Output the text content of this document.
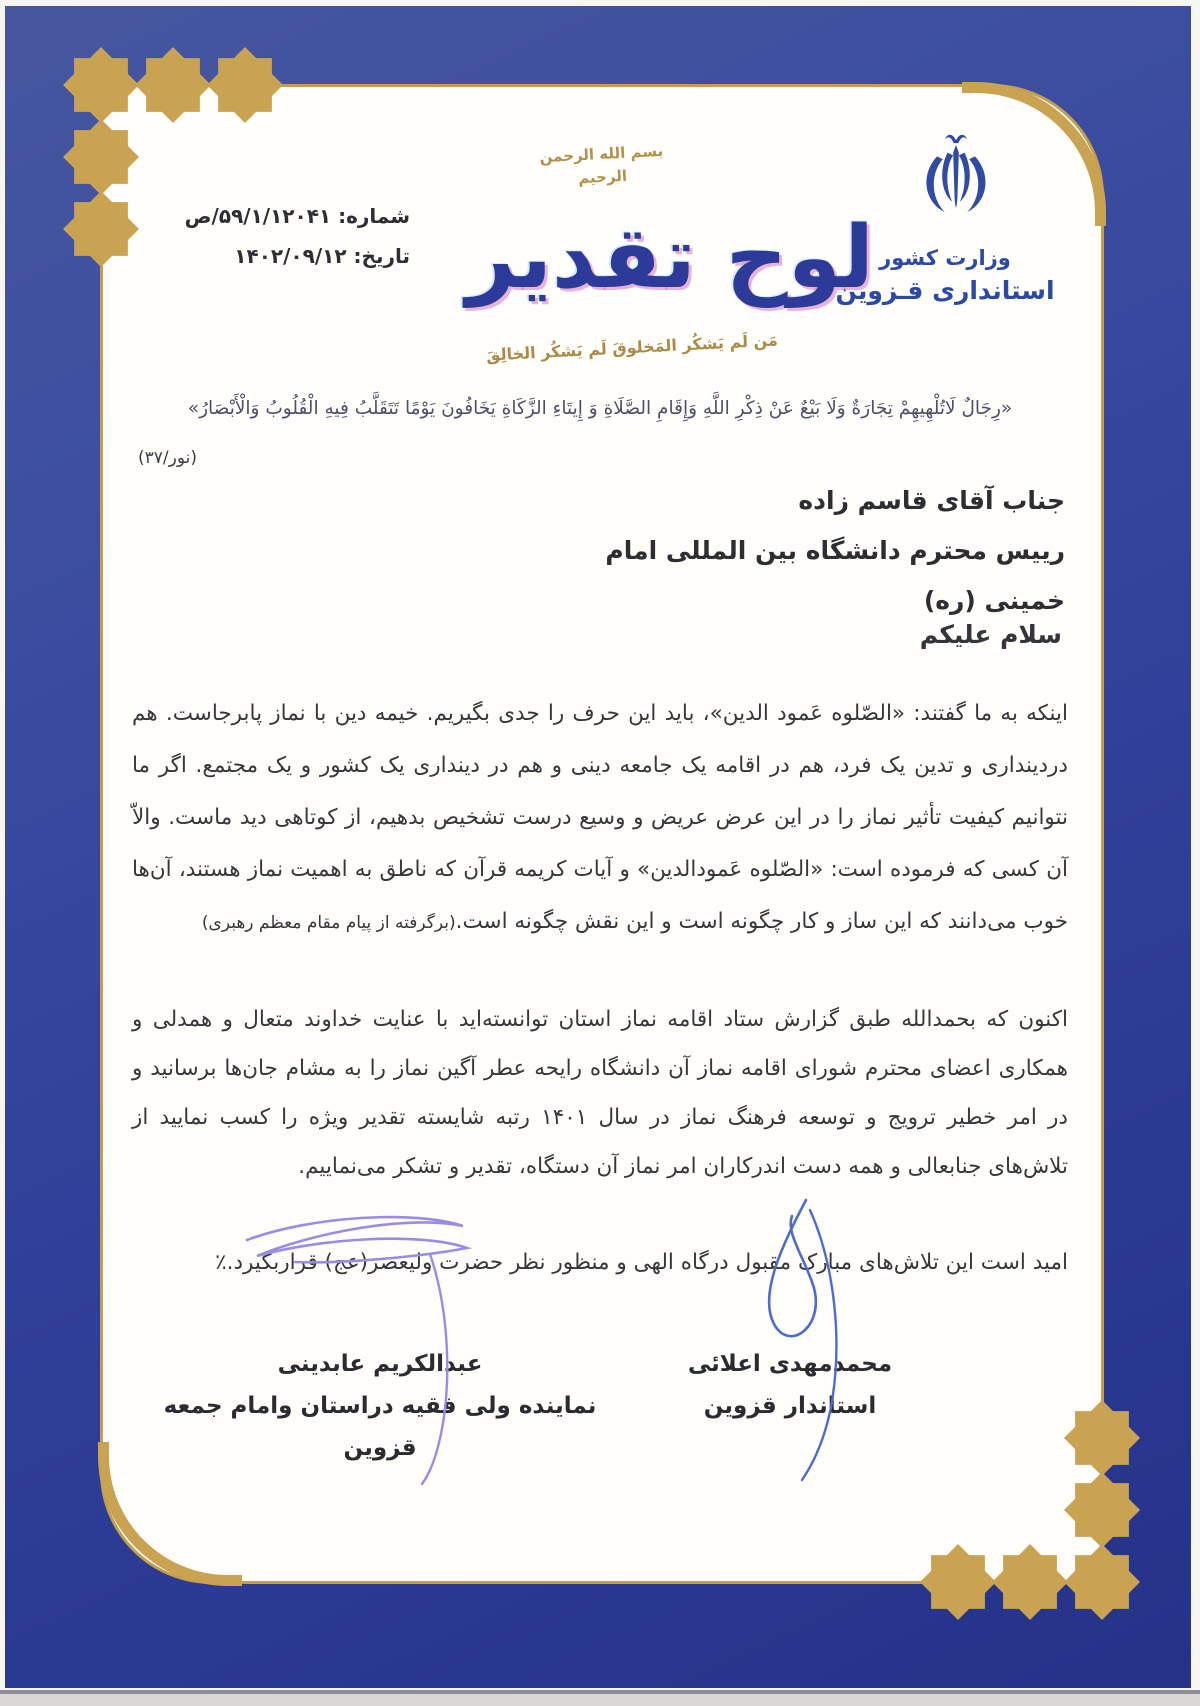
شماره: ۵۹/۱/۱۲۰۴۱/ص
تاریخ: ۱۴۰۲/۰۹/۱۲	وزارت کشور
استانداری قـزوین
بسم الله الرحمن الرحیم
لوح تقدیر
مَن لَم یَشکُر المَخلوقَ لَم یَشکُر الخالِقَ
«رِجَالٌ لَاتُلْهِیهِمْ تِجَارَةٌ وَلَا بَیْعٌ عَنْ ذِکْرِ اللَّهِ وَإِقَامِ الصَّلَاةِ وَ إِیتَاءِ الزَّکَاةِ یَخَافُونَ یَوْمًا تَتَقَلَّبُ فِیهِ الْقُلُوبُ وَالْأَبْصَارُ»
(نور/۳۷)
جناب آقای قاسم زاده
رییس محترم دانشگاه بین المللی امام خمینی (ره)
سلام علیکم

اینکه به ما گفتند: «الصّلوه عَمود الدین»، باید این حرف را جدی بگیریم. خیمه دین با نماز پابرجاست. هم دردینداری و تدین یک فرد، هم در اقامه یک جامعه دینی و هم در دینداری یک کشور و یک مجتمع. اگر ما نتوانیم کیفیت تأثیر نماز را در این عرض عریض و وسیع درست تشخیص بدهیم، از کوتاهی دید ماست. والاّ آن کسی که فرموده است: «الصّلوه عَمودالدین» و آیات کریمه قرآن که ناطق به اهمیت نماز هستند، آن‌ها خوب می‌دانند که این ساز و کار چگونه است و این نقش چگونه است.(برگرفته از پیام مقام معظم رهبری)

اکنون که بحمدالله طبق گزارش ستاد اقامه نماز استان توانسته‌اید با عنایت خداوند متعال و همدلی و همکاری اعضای محترم شورای اقامه نماز آن دانشگاه رایحه عطر آگین نماز را به مشام جان‌ها برسانید و در امر خطیر ترویج و توسعه فرهنگ نماز در سال ۱۴۰۱ رتبه شایسته تقدیر ویژه را کسب نمایید از تلاش‌های جنابعالی و همه دست اندرکاران امر نماز آن دستگاه، تقدیر و تشکر می‌نماییم.

امید است این تلاش‌های مبارک مقبول درگاه الهی و منظور نظر حضرت ولیعصر(عج) قراربگیرد.٪

محمدمهدی اعلائی
استاندار قزوین
عبدالکریم عابدینی
نماینده ولی فقیه دراستان وامام جمعه قزوین
